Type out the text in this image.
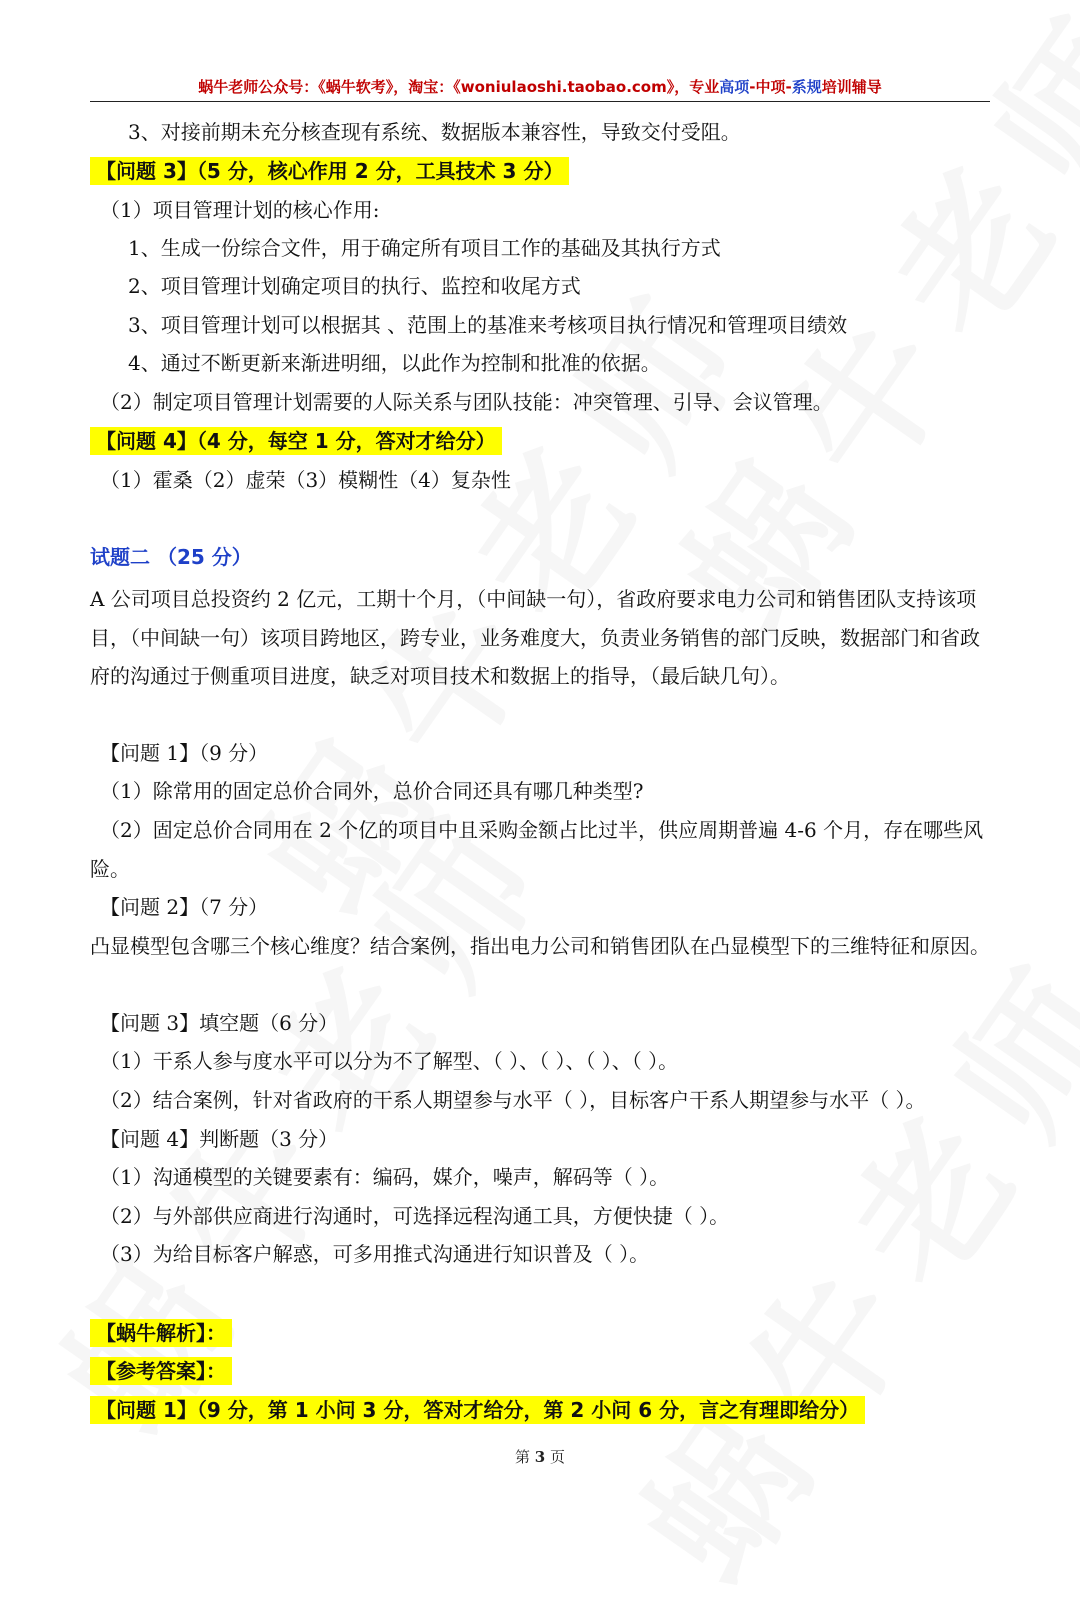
蜗牛老师公众号：《蜗牛软考》，淘宝：《woniulaoshi.taobao.com》，专业高项-中项-系规培训辅导
3、对接前期未充分核查现有系统、数据版本兼容性，导致交付受阻。
【问题 3】（5 分，核心作用 2 分，工具技术 3 分）
（1）项目管理计划的核心作用:
1、生成一份综合文件，用于确定所有项目工作的基础及其执行方式
2、项目管理计划确定项目的执行、监控和收尾方式
3、项目管理计划可以根据其 、范围上的基准来考核项目执行情况和管理项目绩效
4、通过不断更新来渐进明细，以此作为控制和批准的依据。
（2）制定项目管理计划需要的人际关系与团队技能：冲突管理、引导、会议管理。
【问题 4】（4 分，每空 1 分，答对才给分）
（1）霍桑（2）虚荣（3）模糊性（4）复杂性
试题二 （25 分）
A 公司项目总投资约 2 亿元，工期十个月，（中间缺一句），省政府要求电力公司和销售团队支持该项目，（中间缺一句）该项目跨地区，跨专业，业务难度大，负责业务销售的部门反映，数据部门和省政府的沟通过于侧重项目进度，缺乏对项目技术和数据上的指导，（最后缺几句）。
【问题 1】（9 分）
（1）除常用的固定总价合同外，总价合同还具有哪几种类型?
（2）固定总价合同用在 2 个亿的项目中且采购金额占比过半，供应周期普遍 4-6 个月，存在哪些风险。
【问题 2】（7 分）
凸显模型包含哪三个核心维度？结合案例，指出电力公司和销售团队在凸显模型下的三维特征和原因。
【问题 3】填空题（6 分）
（1）干系人参与度水平可以分为不了解型、（ ）、（ ）、（ ）、（ ）。
（2）结合案例，针对省政府的干系人期望参与水平（ ），目标客户干系人期望参与水平（ ）。
【问题 4】判断题（3 分）
（1）沟通模型的关键要素有：编码，媒介，噪声，解码等（ ）。
（2）与外部供应商进行沟通时，可选择远程沟通工具，方便快捷（ ）。
（3）为给目标客户解惑，可多用推式沟通进行知识普及（ ）。
【蜗牛解析】：
【参考答案】：
【问题 1】（9 分，第 1 小问 3 分，答对才给分，第 2 小问 6 分，言之有理即给分）
第 3 页
